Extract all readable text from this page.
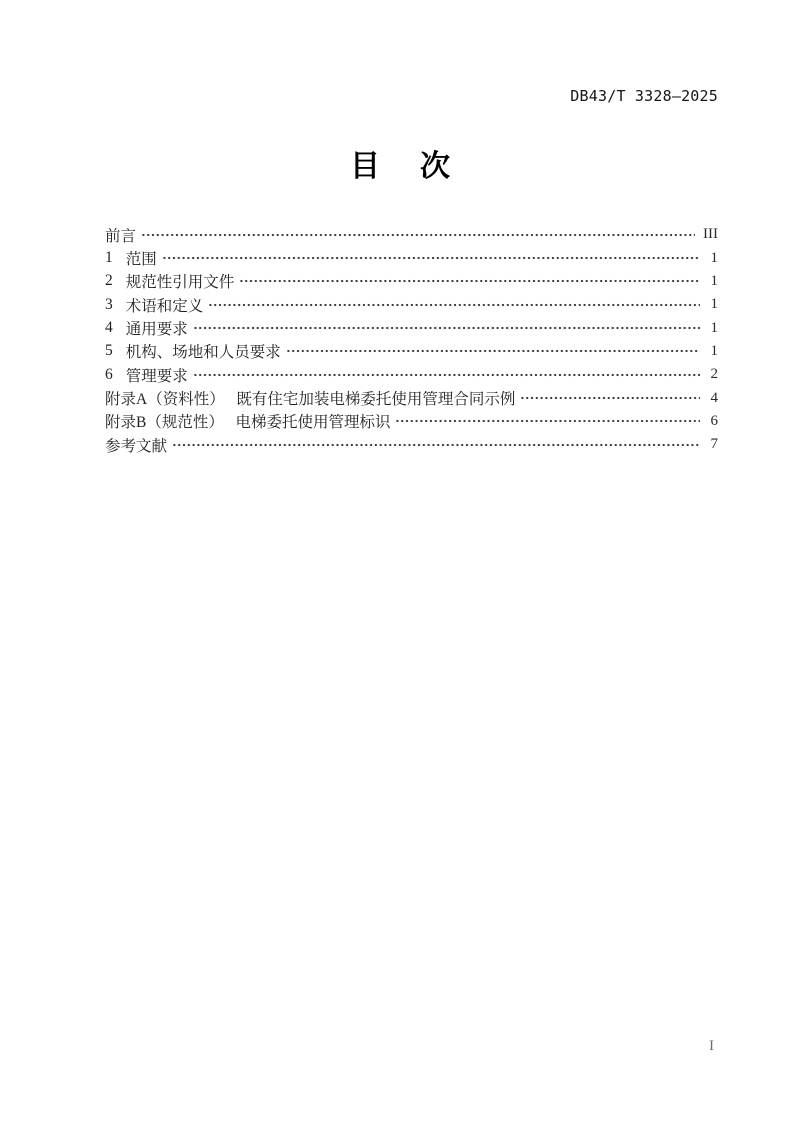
DB43/T 3328—2025
目 次
前言	III
1 范围	1
2 规范性引用文件	1
3 术语和定义	1
4 通用要求	1
5 机构、场地和人员要求	1
6 管理要求	2
附录A（资料性）　 既有住宅加装电梯委托使用管理合同示例	4
附录B（规范性）　 电梯委托使用管理标识	6
参考文献	7
I
